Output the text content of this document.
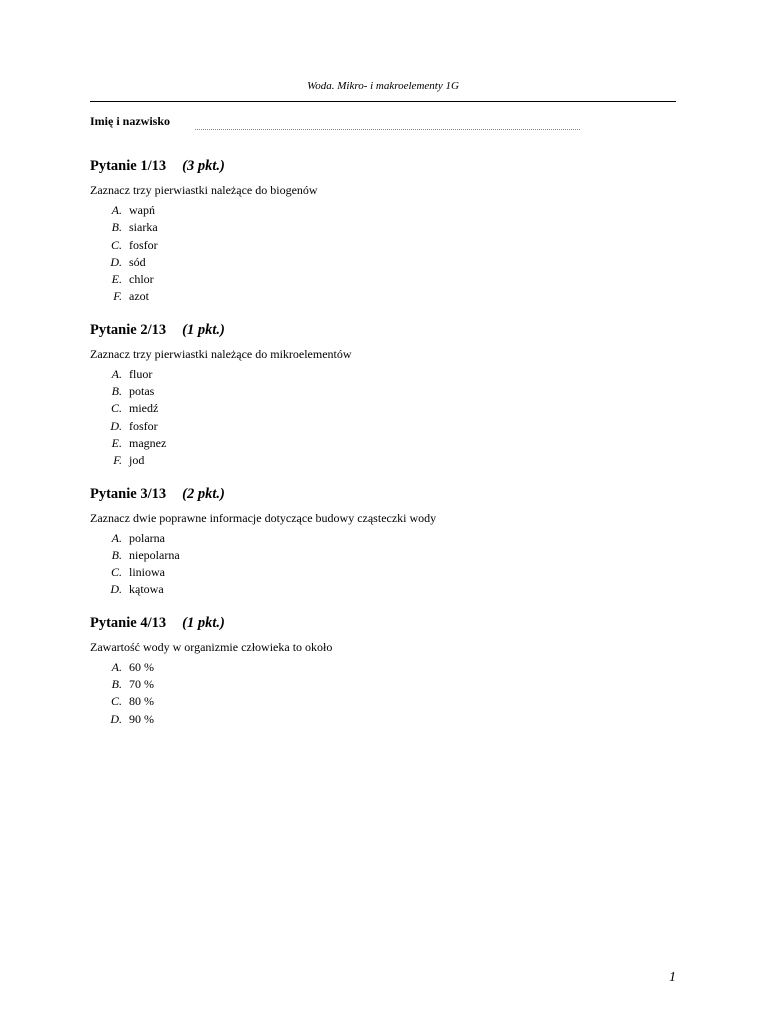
Woda. Mikro- i makroelementy 1G
Imię i nazwisko
Pytanie 1/13 (3 pkt.)
Zaznacz trzy pierwiastki należące do biogenów
A. wapń
B. siarka
C. fosfor
D. sód
E. chlor
F. azot
Pytanie 2/13 (1 pkt.)
Zaznacz trzy pierwiastki należące do mikroelementów
A. fluor
B. potas
C. miedź
D. fosfor
E. magnez
F. jod
Pytanie 3/13 (2 pkt.)
Zaznacz dwie poprawne informacje dotyczące budowy cząsteczki wody
A. polarna
B. niepolarna
C. liniowa
D. kątowa
Pytanie 4/13 (1 pkt.)
Zawartość wody w organizmie człowieka to około
A. 60 %
B. 70 %
C. 80 %
D. 90 %
1
